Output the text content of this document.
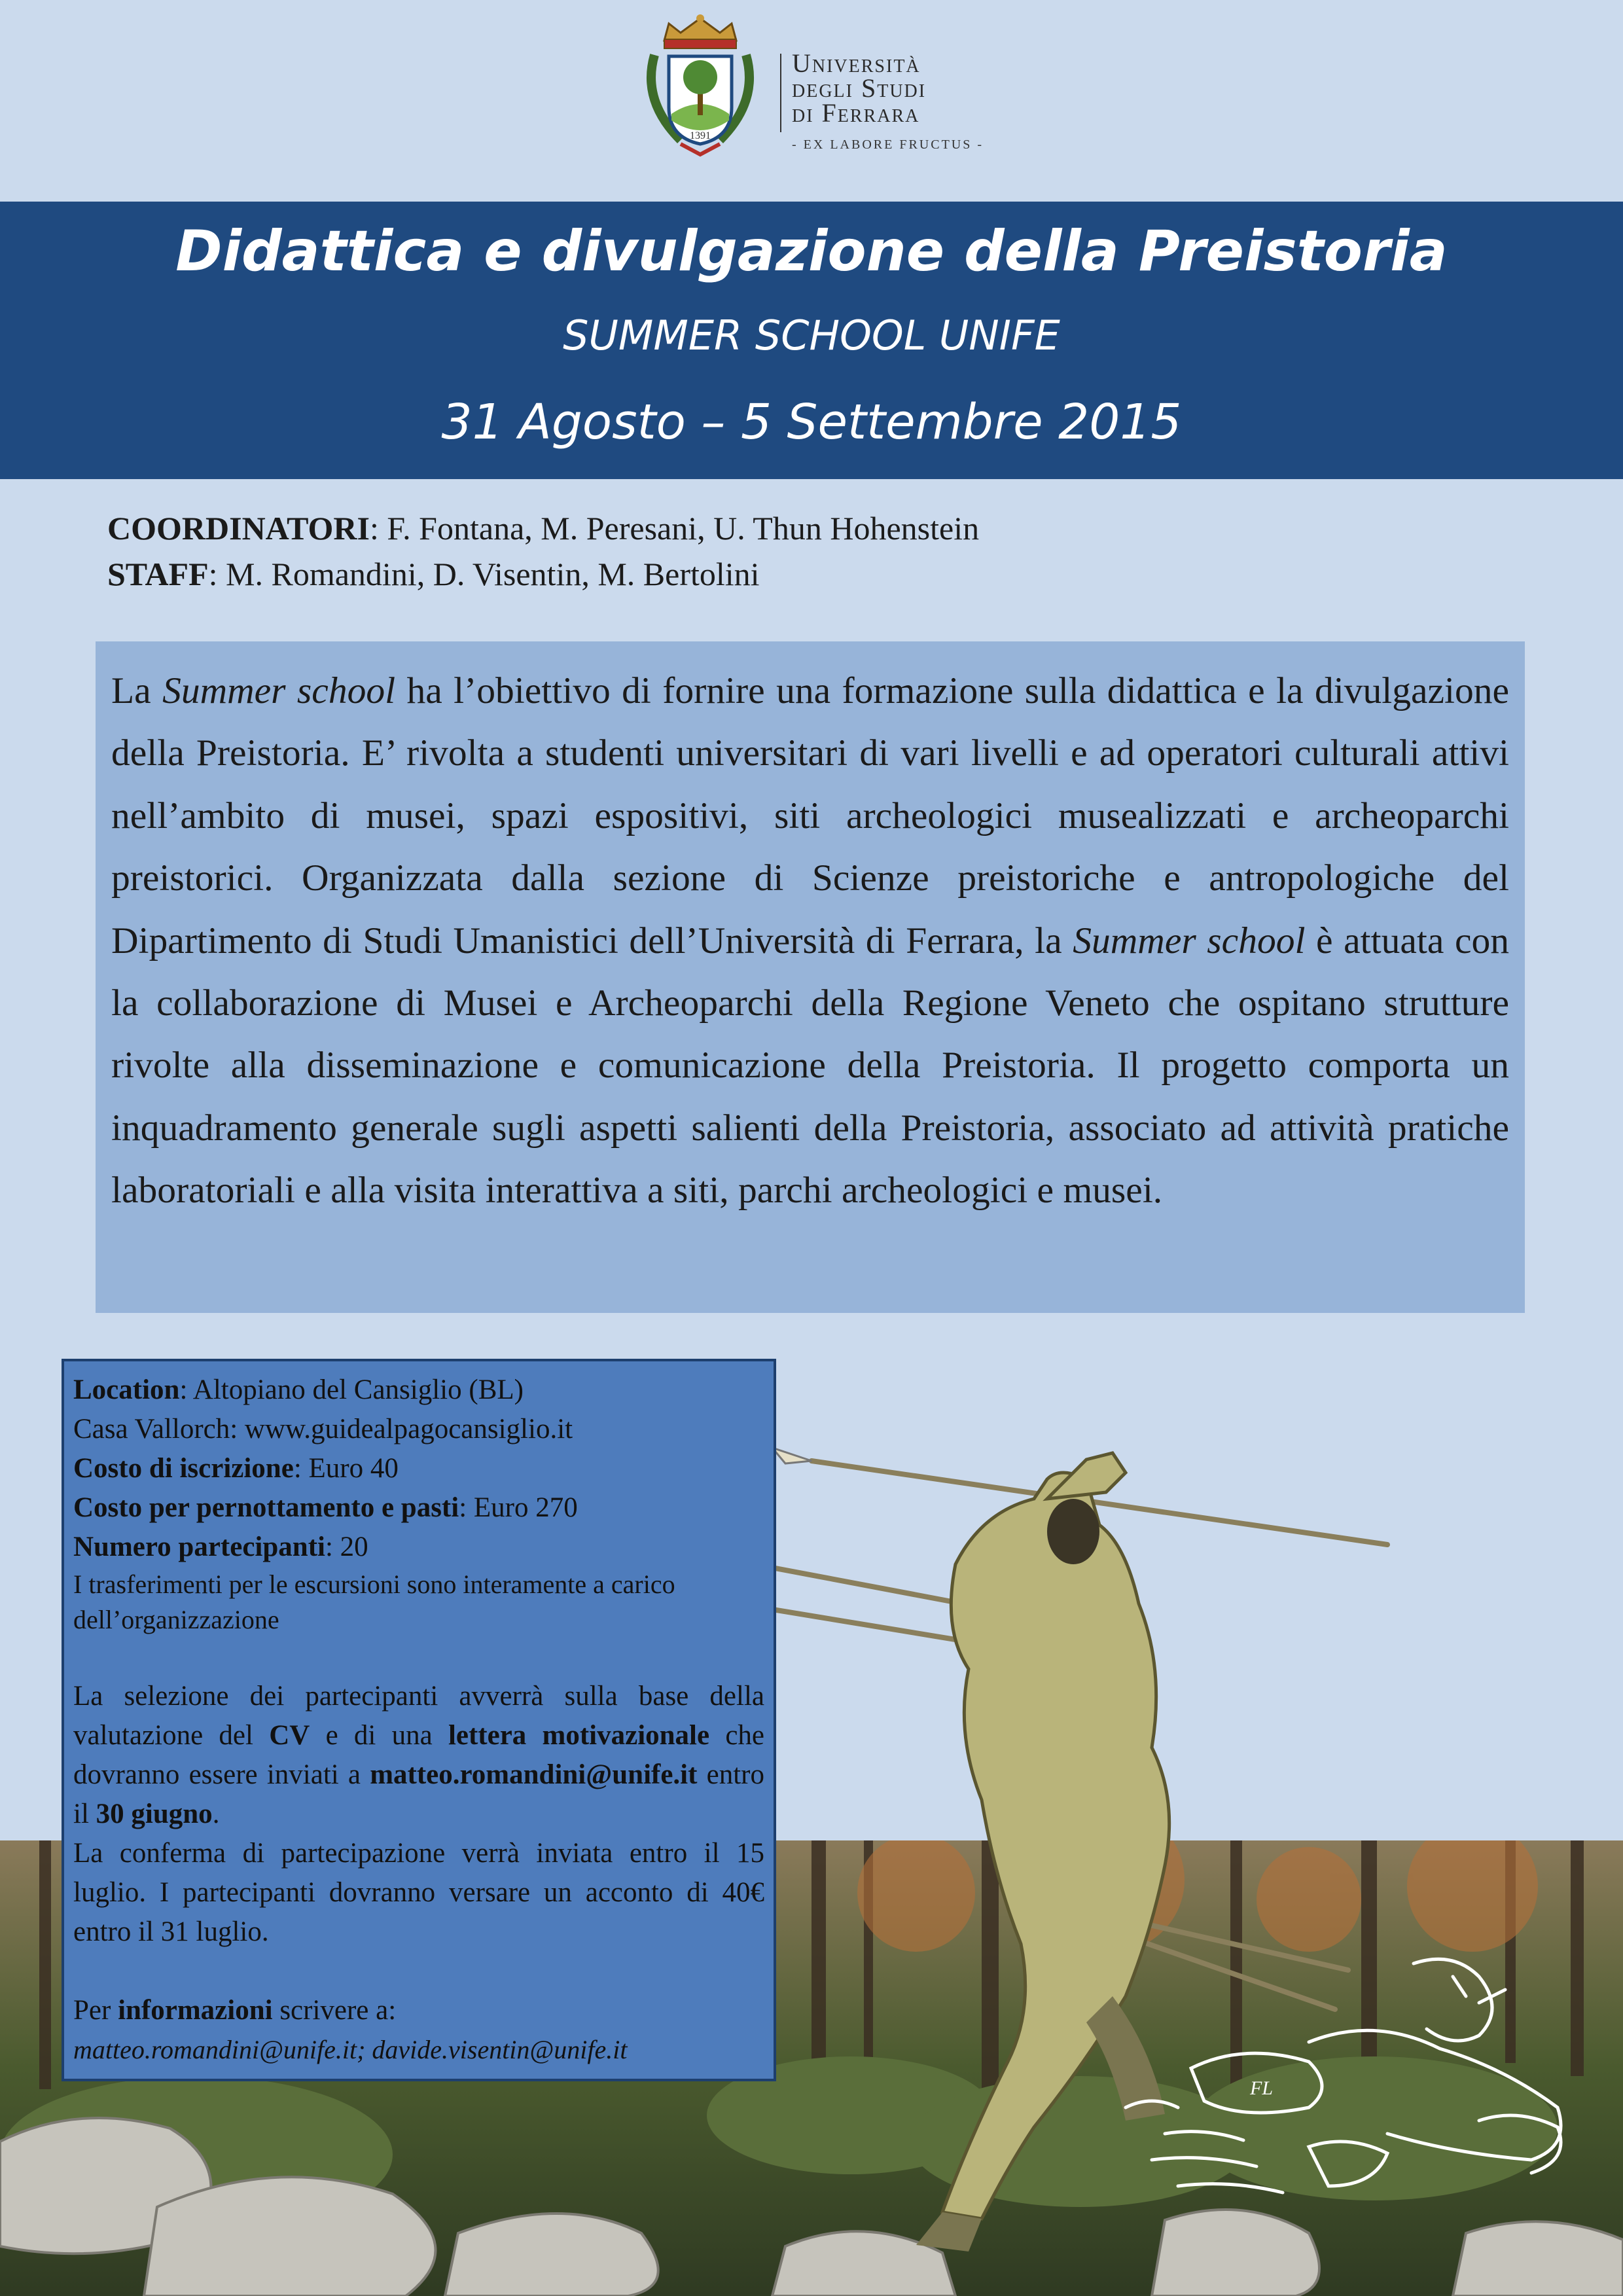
1391
Università
degli Studi
di Ferrara
- EX LABORE FRUCTUS -
Didattica e divulgazione della Preistoria
SUMMER SCHOOL UNIFE
31 Agosto – 5 Settembre 2015
COORDINATORI: F. Fontana, M. Peresani, U. Thun Hohenstein
STAFF: M. Romandini, D. Visentin, M. Bertolini
La Summer school ha l’obiettivo di fornire una formazione sulla didattica e la divulgazione della Preistoria. E’ rivolta a studenti universitari di vari livelli e ad operatori culturali attivi nell’ambito di musei, spazi espositivi, siti archeologici musealizzati e archeoparchi preistorici. Organizzata dalla sezione di Scienze preistoriche e antropologiche del Dipartimento di Studi Umanistici dell’Università di Ferrara, la Summer school è attuata con la collaborazione di Musei e Archeoparchi della Regione Veneto che ospitano strutture rivolte alla disseminazione e comunicazione della Preistoria. Il progetto comporta un inquadramento generale sugli aspetti salienti della Preistoria, associato ad attività pratiche laboratoriali e alla visita interattiva a siti, parchi archeologici e musei.
FL

Location: Altopiano del Cansiglio (BL)

Casa Vallorch: www.guidealpagocansiglio.it

Costo di iscrizione: Euro 40

Costo per pernottamento e pasti: Euro 270

Numero partecipanti: 20

I trasferimenti per le escursioni sono interamente a carico dell’organizzazione

La selezione dei partecipanti avverrà sulla base della valutazione del CV e di una lettera motivazionale che dovranno essere inviati a matteo.romandini@unife.it entro il 30 giugno.

La conferma di partecipazione verrà inviata entro il 15 luglio. I partecipanti dovranno versare un acconto di 40€ entro il 31 luglio.

Per informazioni scrivere a:

matteo.romandini@unife.it; davide.visentin@unife.it
